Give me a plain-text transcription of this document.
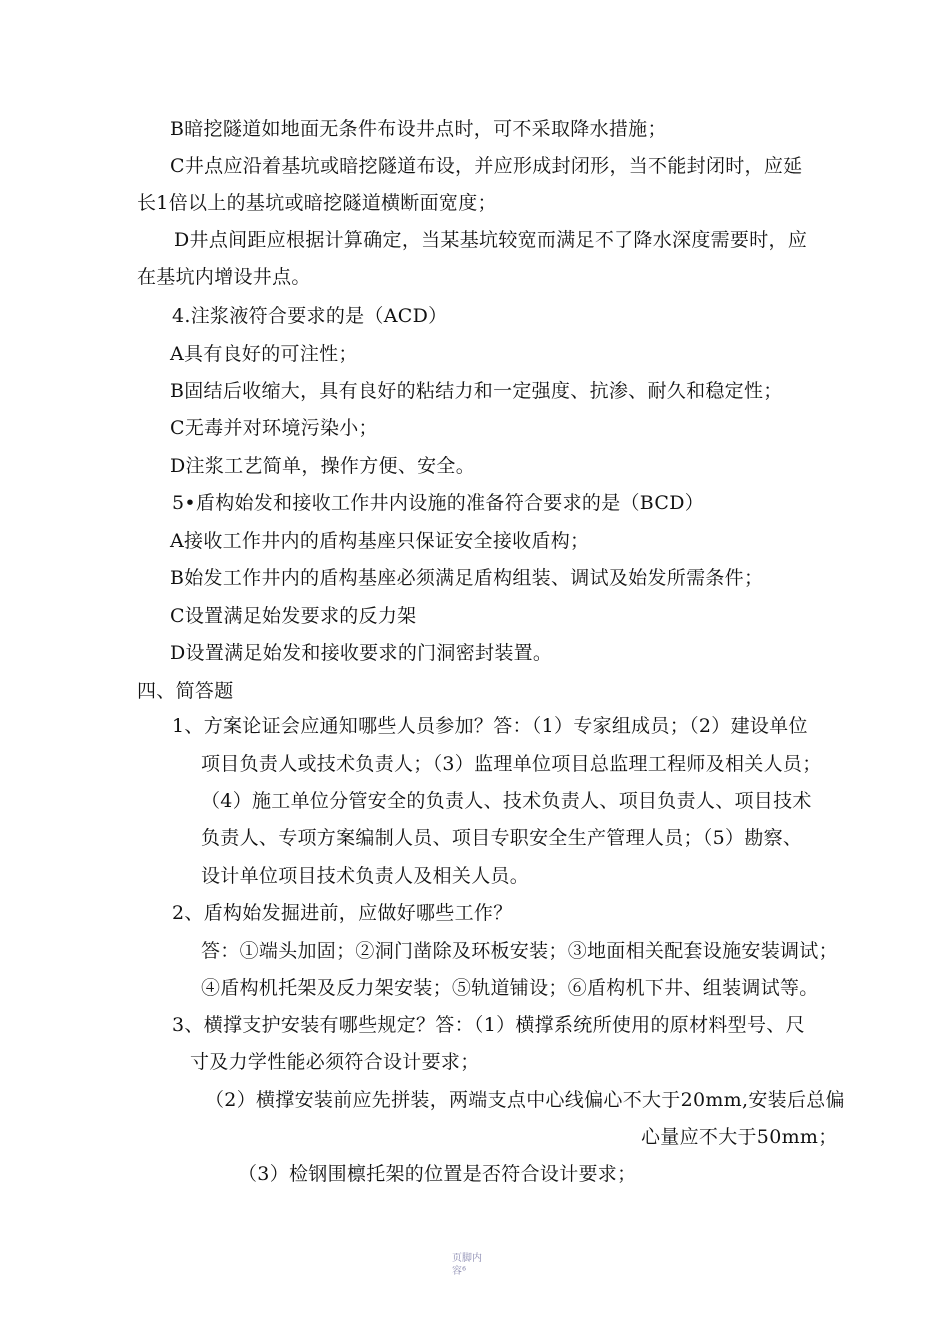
B暗挖隧道如地面无条件布设井点时，可不采取降水措施；
C井点应沿着基坑或暗挖隧道布设，并应形成封闭形，当不能封闭时，应延
长1倍以上的基坑或暗挖隧道横断面宽度；
D井点间距应根据计算确定，当某基坑较宽而满足不了降水深度需要时，应
在基坑内增设井点。
4.注浆液符合要求的是（ACD）
A具有良好的可注性；
B固结后收缩大，具有良好的粘结力和一定强度、抗渗、耐久和稳定性；
C无毒并对环境污染小；
D注浆工艺简单，操作方便、安全。
5•盾构始发和接收工作井内设施的准备符合要求的是（BCD）
A接收工作井内的盾构基座只保证安全接收盾构；
B始发工作井内的盾构基座必须满足盾构组装、调试及始发所需条件；
C设置满足始发要求的反力架
D设置满足始发和接收要求的门洞密封装置。
四、简答题
1、方案论证会应通知哪些人员参加？答：（1）专家组成员；（2）建设单位
项目负责人或技术负责人；（3）监理单位项目总监理工程师及相关人员；
（4）施工单位分管安全的负责人、技术负责人、项目负责人、项目技术
负责人、专项方案编制人员、项目专职安全生产管理人员；（5）勘察、
设计单位项目技术负责人及相关人员。
2、盾构始发掘进前，应做好哪些工作？
答：①端头加固；②洞门凿除及环板安装；③地面相关配套设施安装调试；
④盾构机托架及反力架安装；⑤轨道铺设；⑥盾构机下井、组装调试等。
3、横撑支护安装有哪些规定？答：（1）横撑系统所使用的原材料型号、尺
寸及力学性能必须符合设计要求；
（2）横撑安装前应先拼装，两端支点中心线偏心不大于20mm,安装后总偏
心量应不大于50mm；
（3）检钢围檩托架的位置是否符合设计要求；
页脚内
容⁶
